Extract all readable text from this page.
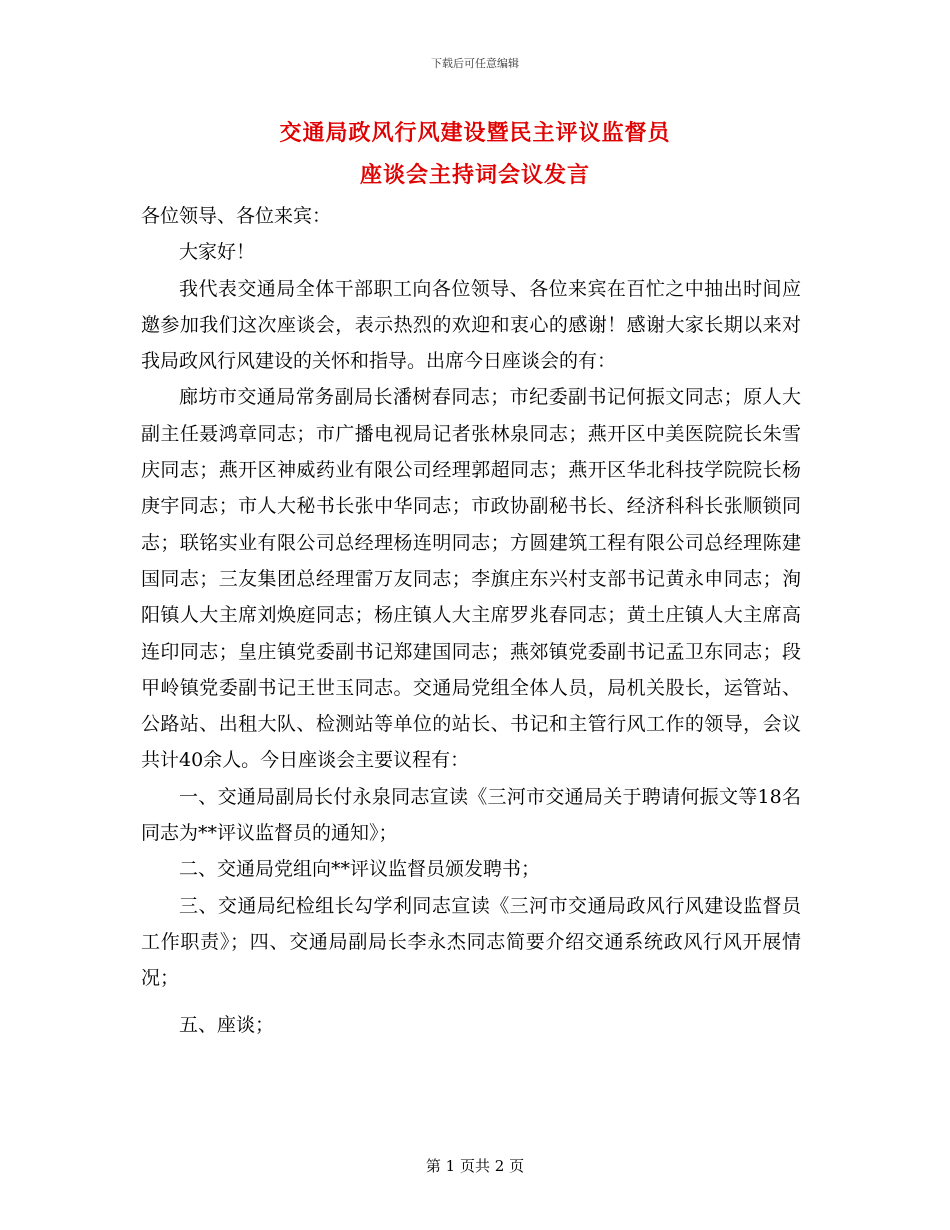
下载后可任意编辑
交通局政风行风建设暨民主评议监督员
座谈会主持词会议发言

各位领导、各位来宾：

大家好！

我代表交通局全体干部职工向各位领导、各位来宾在百忙之中抽出时间应邀参加我们这次座谈会，表示热烈的欢迎和衷心的感谢！感谢大家长期以来对我局政风行风建设的关怀和指导。出席今日座谈会的有：

廊坊市交通局常务副局长潘树春同志；市纪委副书记何振文同志；原人大副主任聂鸿章同志；市广播电视局记者张林泉同志；燕开区中美医院院长朱雪庆同志；燕开区神威药业有限公司经理郭超同志；燕开区华北科技学院院长杨庚宇同志；市人大秘书长张中华同志；市政协副秘书长、经济科科长张顺锁同志；联铭实业有限公司总经理杨连明同志；方圆建筑工程有限公司总经理陈建国同志；三友集团总经理雷万友同志；李旗庄东兴村支部书记黄永申同志；洵阳镇人大主席刘焕庭同志；杨庄镇人大主席罗兆春同志；黄土庄镇人大主席高连印同志；皇庄镇党委副书记郑建国同志；燕郊镇党委副书记孟卫东同志；段甲岭镇党委副书记王世玉同志。交通局党组全体人员，局机关股长，运管站、公路站、出租大队、检测站等单位的站长、书记和主管行风工作的领导，会议共计40余人。今日座谈会主要议程有：

一、交通局副局长付永泉同志宣读《三河市交通局关于聘请何振文等18名同志为**评议监督员的通知》；

二、交通局党组向**评议监督员颁发聘书；

三、交通局纪检组长勾学利同志宣读《三河市交通局政风行风建设监督员工作职责》；四、交通局副局长李永杰同志简要介绍交通系统政风行风开展情况；

五、座谈；

第 1 页共 2 页
